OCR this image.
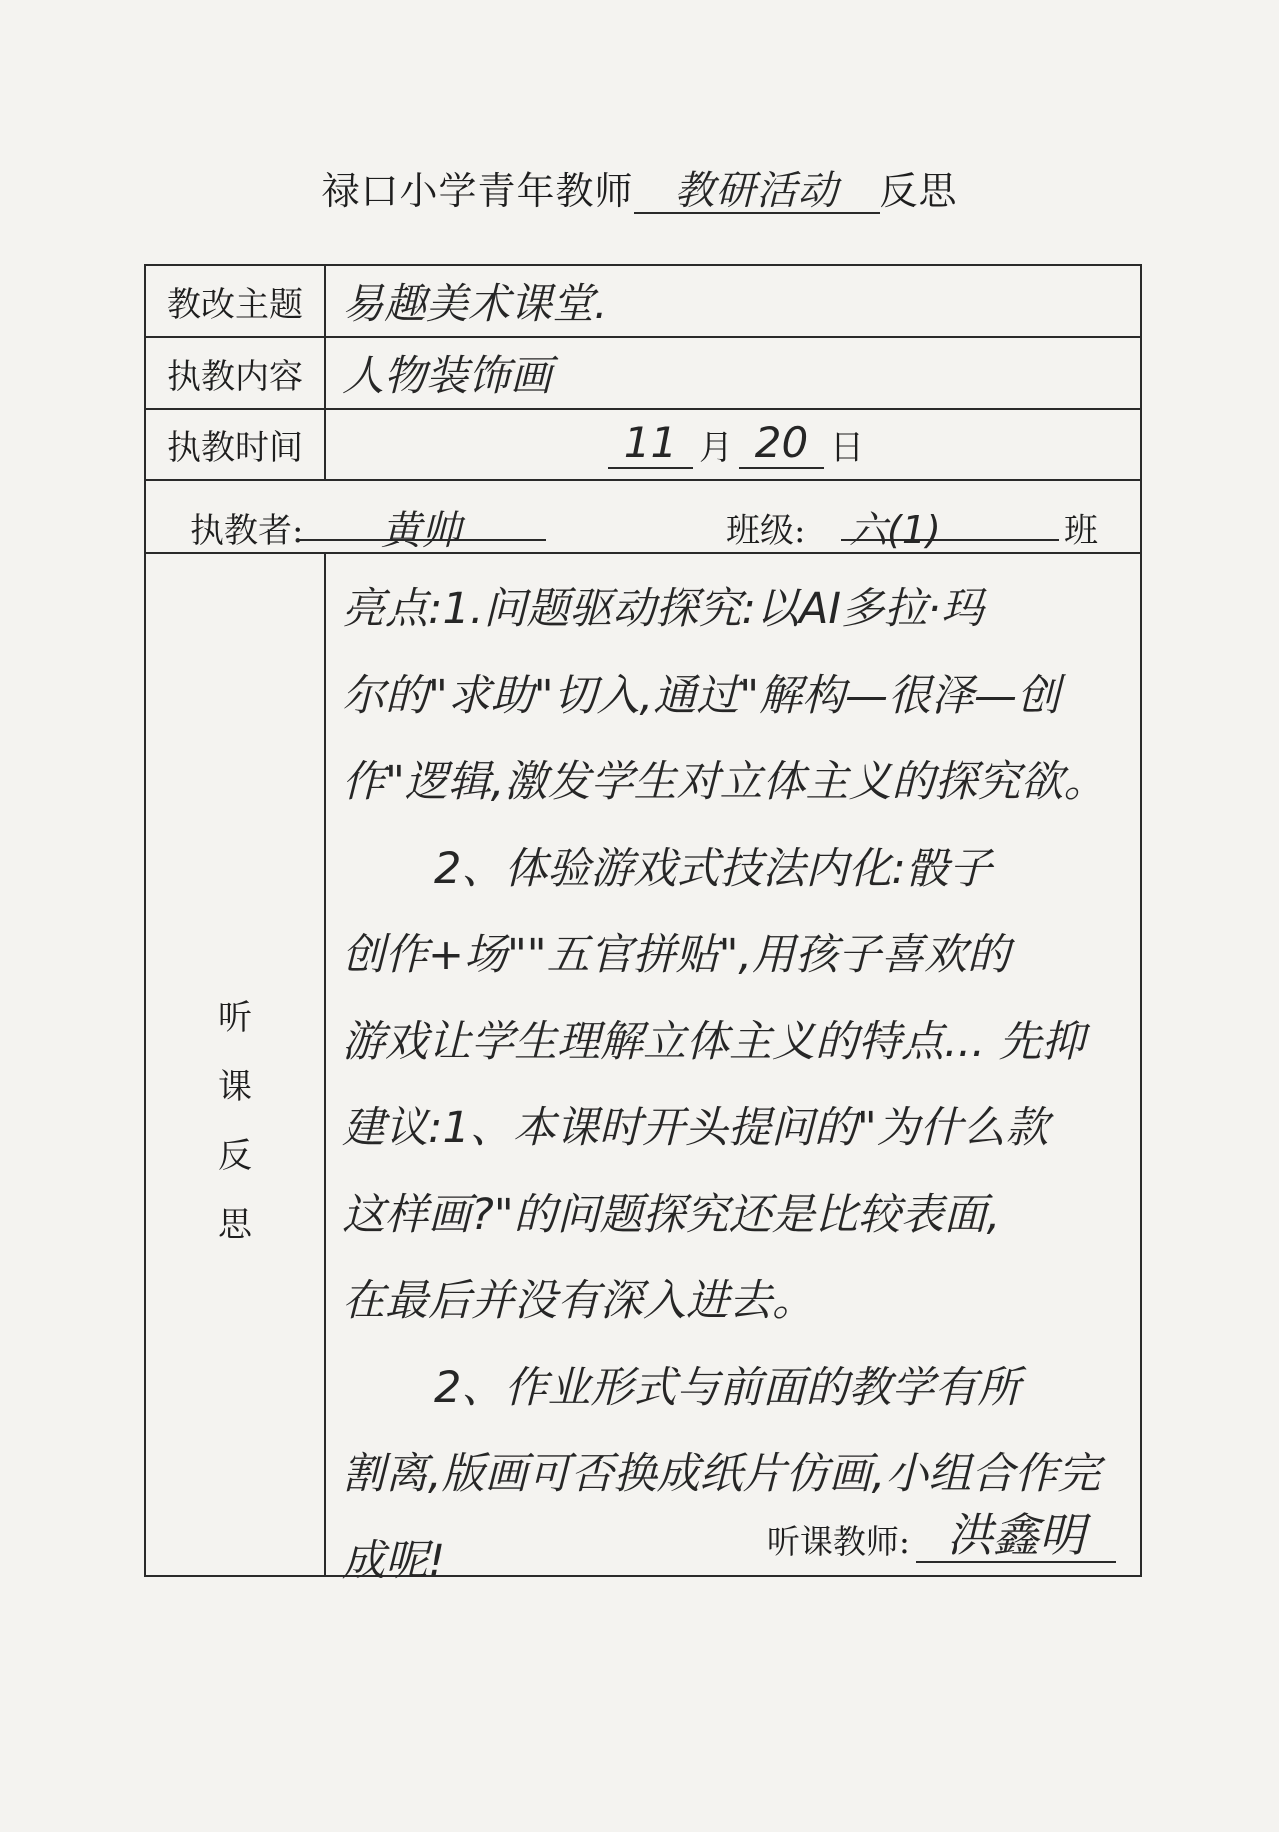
禄口小学青年教师 教研活动 反思
教改主题 易趣美术课堂.
执教内容 人物装饰画
执教时间	11 月 20 日
执教者:	黄帅	班级: 六(1)	班
听
课
反
思

亮点:1.问题驱动探究:以AI多拉·玛

尔的"求助"切入,通过"解构—很泽—创

作"逻辑,激发学生对立体主义的探究欲。

2、体验游戏式技法内化:骰子

创作+场""五官拼贴",用孩子喜欢的

游戏让学生理解立体主义的特点... 先抑

建议:1、本课时开头提问的"为什么款

这样画?"的问题探究还是比较表面,

在最后并没有深入进去。

2、作业形式与前面的教学有所

割离,版画可否换成纸片仿画,小组合作完

成呢!	听课教师: 洪鑫明
